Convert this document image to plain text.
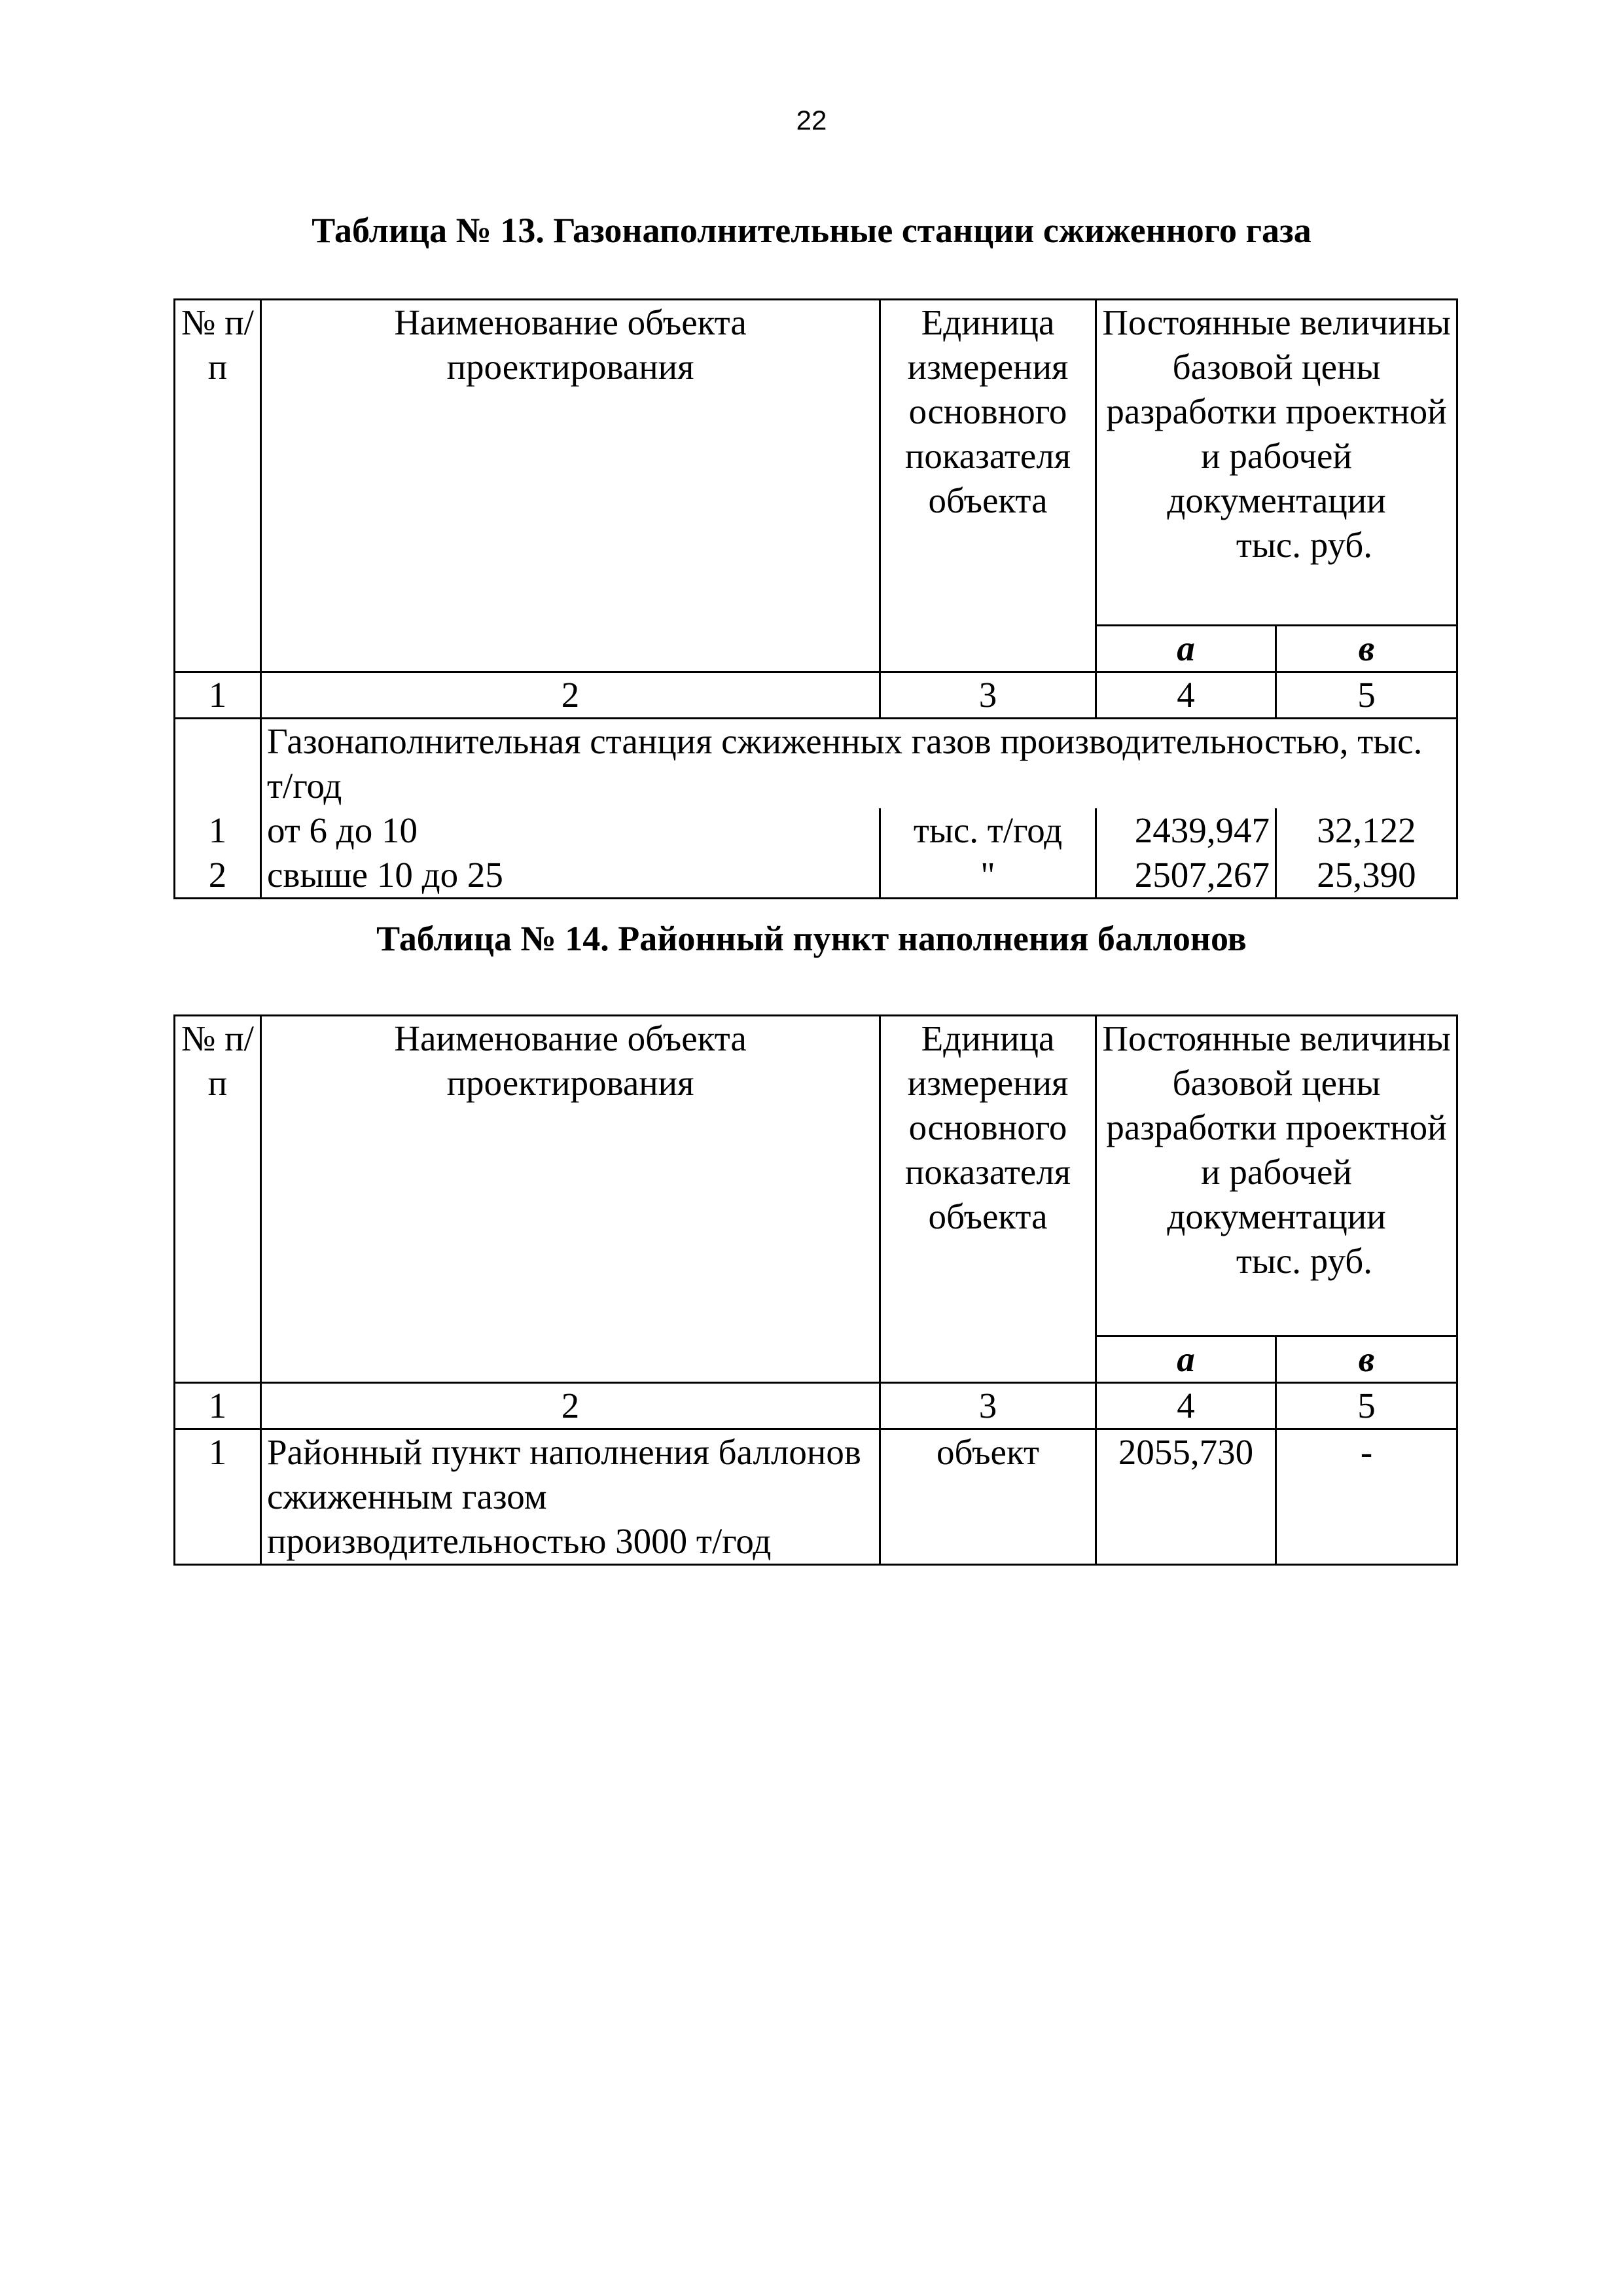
22
Таблица № 13. Газонаполнительные станции сжиженного газа
№ п/п	Наименование объекта проектирования	Единица измерения основного показателя объекта	Постоянные величины базовой цены разработки проектной и рабочей документации
тыс. руб.	

			а	в
1	2	3	4	5
	Газонаполнительная станция сжиженных газов производительностью, тыс. т/год			
1	от 6 до 10	тыс. т/год	2439,947	32,122
2	свыше 10 до 25	"	2507,267	25,390
Таблица № 14. Районный пункт наполнения баллонов
№ п/п	Наименование объекта проектирования	Единица измерения основного показателя объекта	Постоянные величины базовой цены разработки проектной и рабочей документации
тыс. руб.	

			а	в
1	2	3	4	5
1	Районный пункт наполнения баллонов сжиженным газом производительностью 3000 т/год	объект	2055,730	-
